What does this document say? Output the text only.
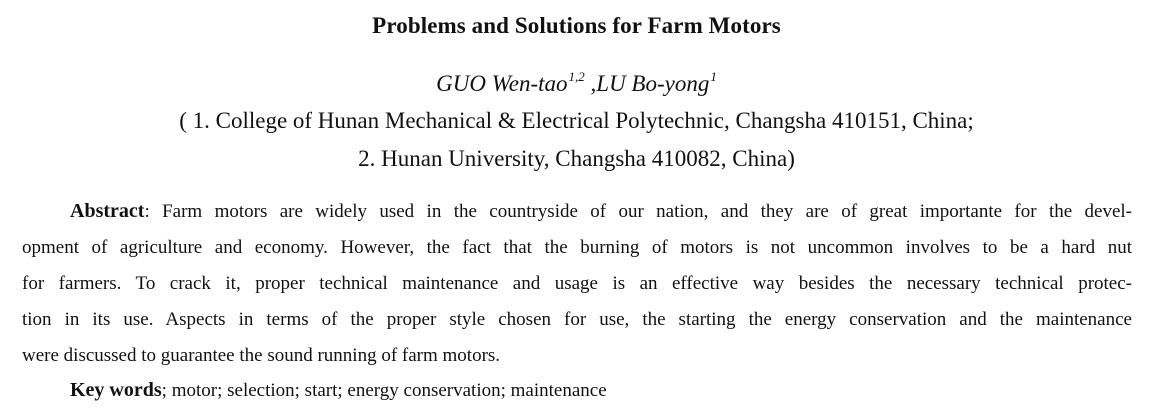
Problems and Solutions for Farm Motors
GUO Wen-tao$^{1,2}$ ,LU Bo-yong$^1$
( 1. College of Hunan Mechanical & Electrical Polytechnic, Changsha 410151, China;
2. Hunan University, Changsha 410082, China)
Abstract: Farm motors are widely used in the countryside of our nation, and they are of great importante for the devel-
opment of agriculture and economy. However, the fact that the burning of motors is not uncommon involves to be a hard nut
for farmers. To crack it, proper technical maintenance and usage is an effective way besides the necessary technical protec-
tion in its use. Aspects in terms of the proper style chosen for use, the starting the energy conservation and the maintenance
were discussed to guarantee the sound running of farm motors.
Key words; motor; selection; start; energy conservation; maintenance
